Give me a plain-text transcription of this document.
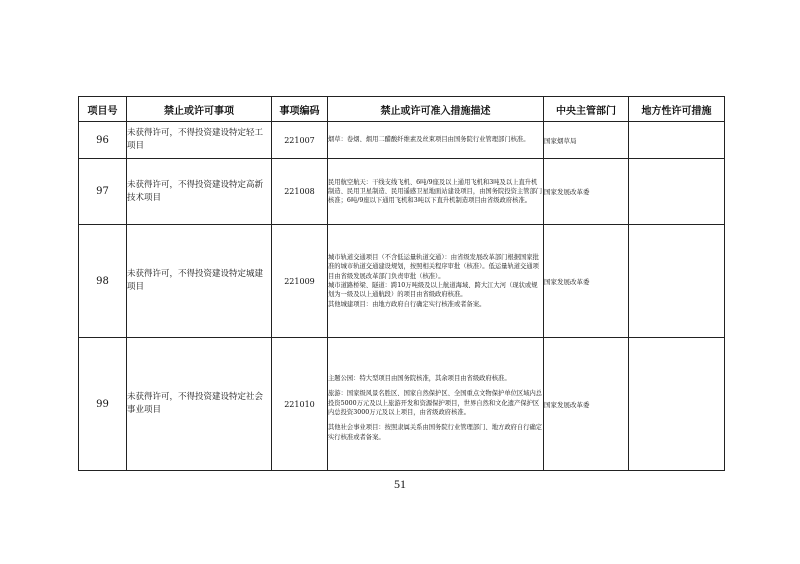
项目号	禁止或许可事项	事项编码	禁止或许可准入措施描述	中央主管部门	地方性许可措施
96	未获得许可，不得投资建设特定轻工项目	221007	烟草：卷烟、烟用二醋酸纤维素及丝束项目由国务院行业管理部门核准。	国家烟草局	
97	未获得许可，不得投资建设特定高新技术项目	221008	民用航空航天：干线支线飞机、6吨/9座及以上通用飞机和3吨及以上直升机制造、民用卫星制造、民用遥感卫星地面站建设项目，由国务院投资主管部门核准；6吨/9座以下通用飞机和3吨以下直升机制造项目由省级政府核准。	国家发展改革委	
98	未获得许可，不得投资建设特定城建项目	221009	城市轨道交通项目（不含低运量轨道交通）：由省级发展改革部门根据国家批准的城市轨道交通建设规划，按照相关程序审批（核准）。低运量轨道交通项目由省级发展改革部门负责审批（核准）。
城市道路桥梁、隧道：跨10万吨级及以上航道海域、跨大江大河（现状或规划为一级及以上通航段）的项目由省级政府核准。
其他城建项目：由地方政府自行确定实行核准或者备案。	国家发展改革委	
99	未获得许可，不得投资建设特定社会事业项目	221010	主题公园：特大型项目由国务院核准，其余项目由省级政府核准。
旅游：国家级风景名胜区、国家自然保护区、全国重点文物保护单位区域内总投资5000万元及以上旅游开发和资源保护项目，世界自然和文化遗产保护区内总投资3000万元及以上项目，由省级政府核准。
其他社会事业项目：按照隶属关系由国务院行业管理部门、地方政府自行确定实行核准或者备案。	国家发展改革委	
51
